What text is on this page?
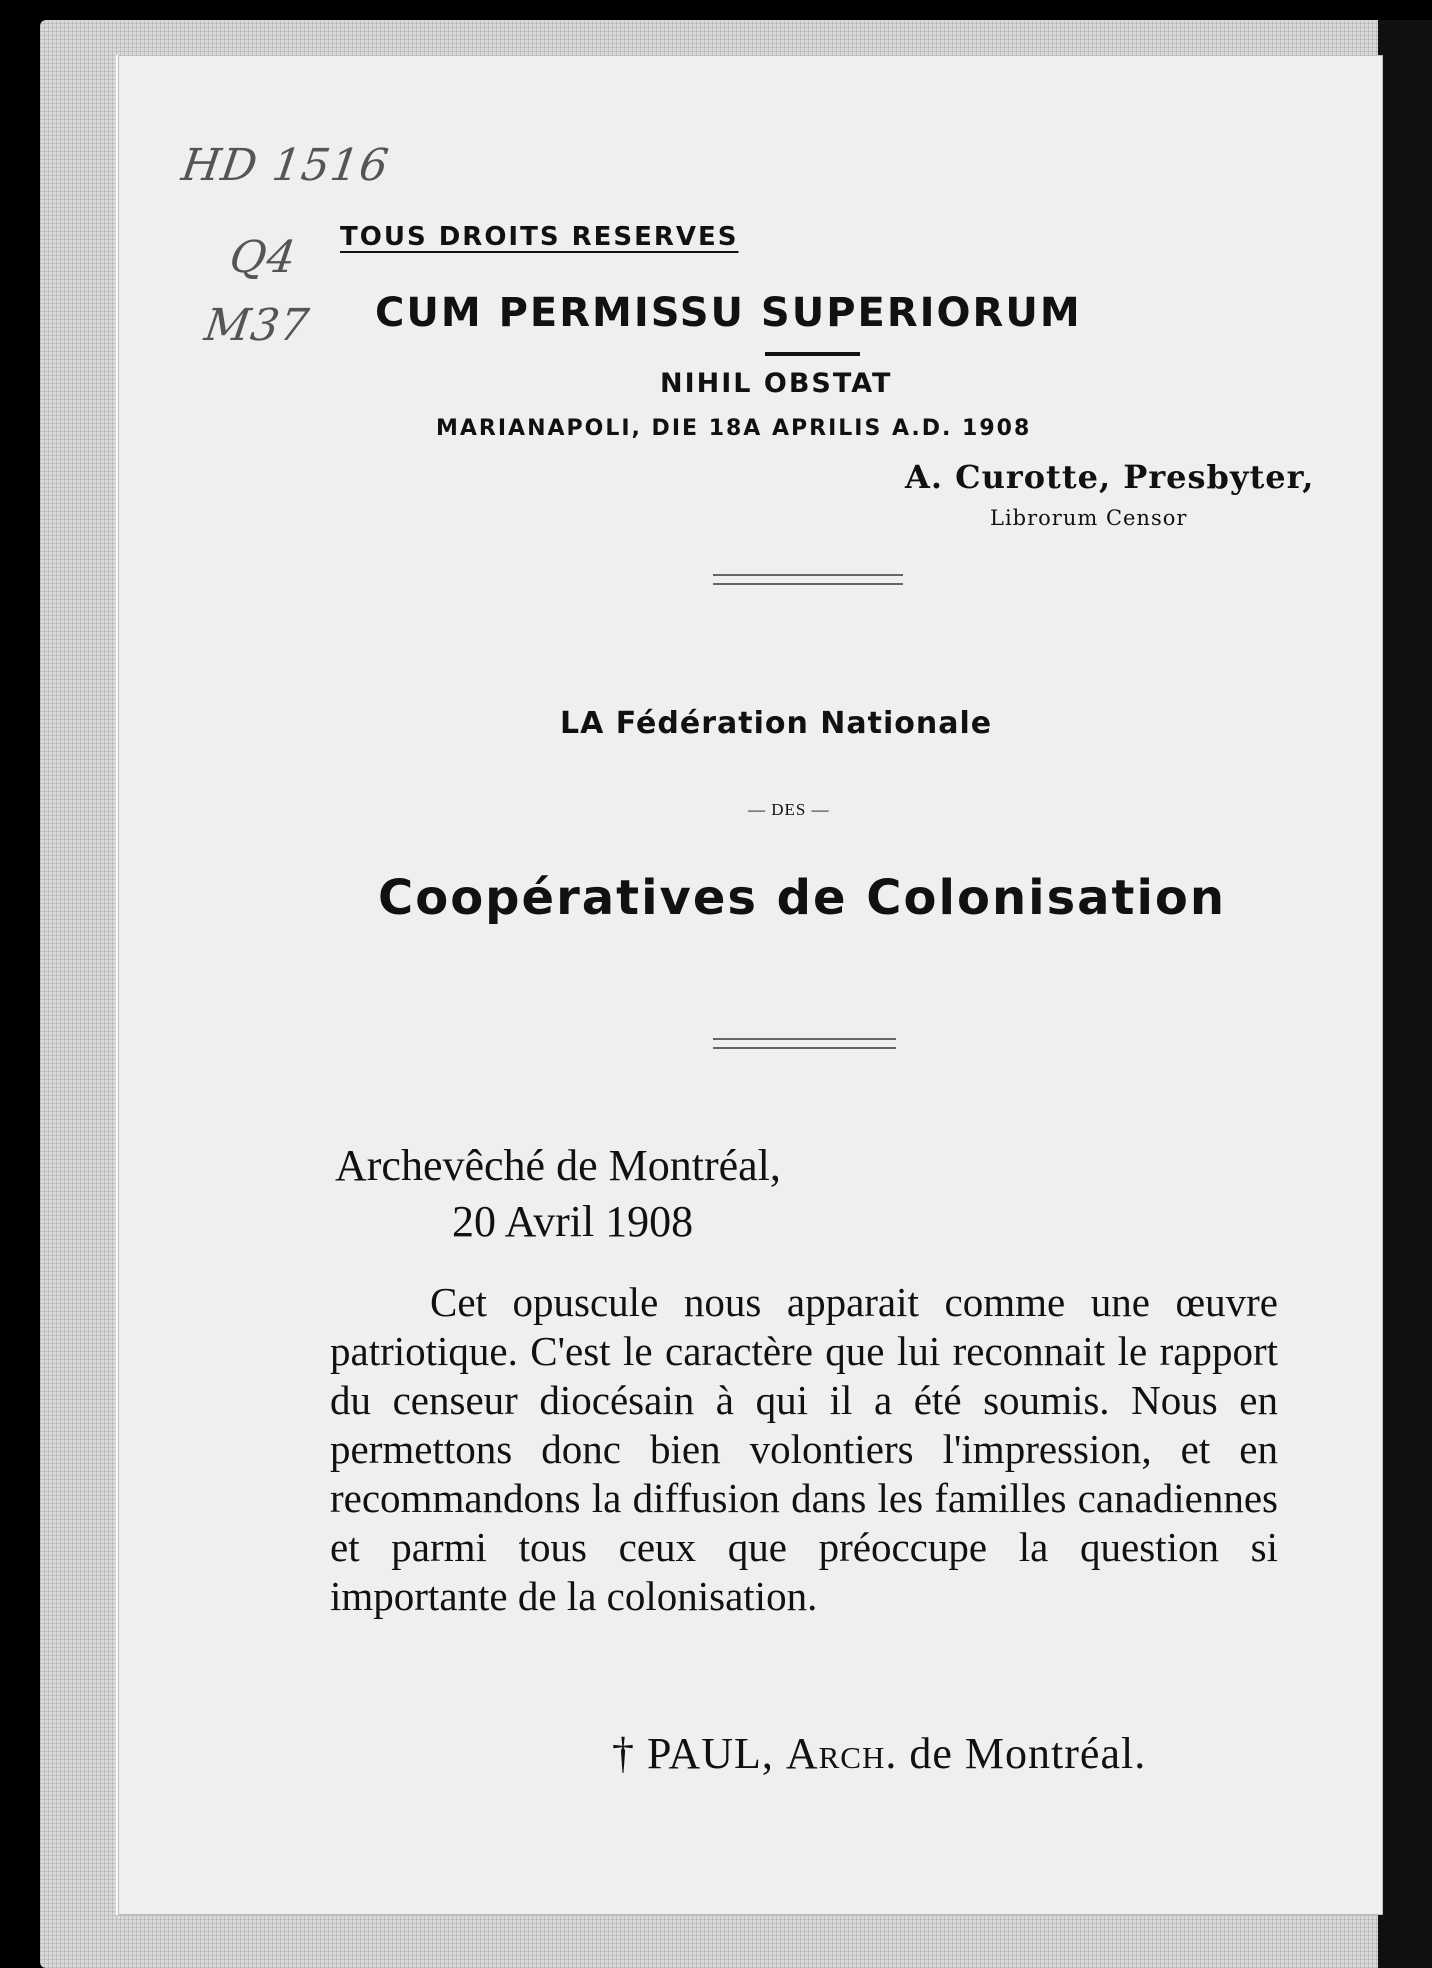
HD 1516
Q4
M37
TOUS DROITS RESERVES
CUM PERMISSU SUPERIORUM
NIHIL OBSTAT
MARIANAPOLI, DIE 18A APRILIS A.D. 1908
A. Curotte, Presbyter,
Librorum Censor
LA Fédération Nationale
— DES —
Coopératives de Colonisation
Archevêché de Montréal,
20 Avril 1908

Cet opuscule nous apparait comme une œuvre patriotique. C'est le caractère que lui reconnait le rapport du censeur diocésain à qui il a été soumis. Nous en permettons donc bien volontiers l'impression, et en recommandons la diffusion dans les familles canadiennes et parmi tous ceux que préoccupe la question si importante de la colonisation.

† PAUL, Arch. de Montréal.
